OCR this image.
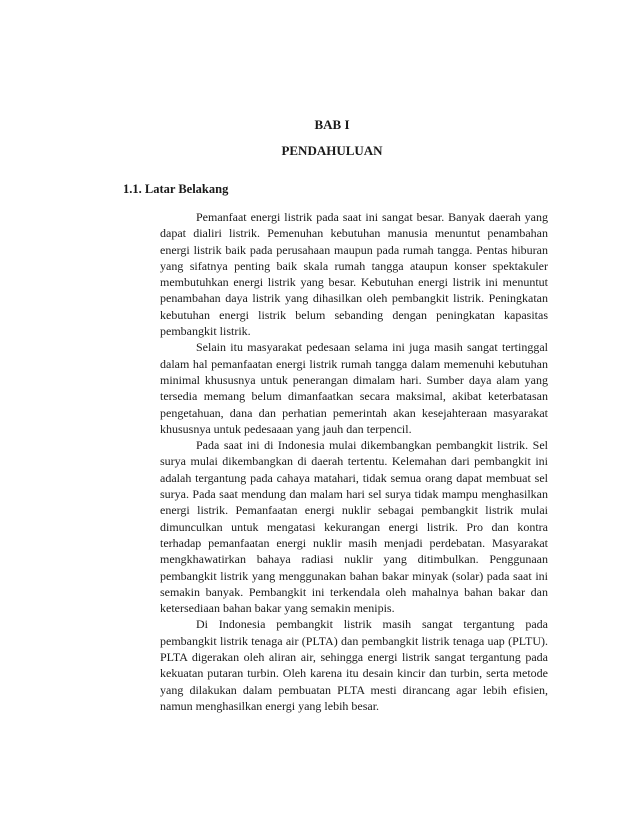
BAB I
PENDAHULUAN
1.1. Latar Belakang

Pemanfaat energi listrik pada saat ini sangat besar. Banyak daerah yang dapat dialiri listrik. Pemenuhan kebutuhan manusia menuntut penambahan energi listrik baik pada perusahaan maupun pada rumah tangga. Pentas hiburan yang sifatnya penting baik skala rumah tangga ataupun konser spektakuler membutuhkan energi listrik yang besar. Kebutuhan energi listrik ini menuntut penambahan daya listrik yang dihasilkan oleh pembangkit listrik. Peningkatan kebutuhan energi listrik belum sebanding dengan peningkatan kapasitas pembangkit listrik.

Selain itu masyarakat pedesaan selama ini juga masih sangat tertinggal dalam hal pemanfaatan energi listrik rumah tangga dalam memenuhi kebutuhan minimal khususnya untuk penerangan dimalam hari. Sumber daya alam yang tersedia memang belum dimanfaatkan secara maksimal, akibat keterbatasan pengetahuan, dana dan perhatian pemerintah akan kesejahteraan masyarakat khususnya untuk pedesaaan yang jauh dan terpencil.

Pada saat ini di Indonesia mulai dikembangkan pembangkit listrik. Sel surya mulai dikembangkan di daerah tertentu. Kelemahan dari pembangkit ini adalah tergantung pada cahaya matahari, tidak semua orang dapat membuat sel surya. Pada saat mendung dan malam hari sel surya tidak mampu menghasilkan energi listrik. Pemanfaatan energi nuklir sebagai pembangkit listrik mulai dimunculkan untuk mengatasi kekurangan energi listrik. Pro dan kontra terhadap pemanfaatan energi nuklir masih menjadi perdebatan. Masyarakat mengkhawatirkan bahaya radiasi nuklir yang ditimbulkan. Penggunaan pembangkit listrik yang menggunakan bahan bakar minyak (solar) pada saat ini semakin banyak. Pembangkit ini terkendala oleh mahalnya bahan bakar dan ketersediaan bahan bakar yang semakin menipis.

Di Indonesia pembangkit listrik masih sangat tergantung pada pembangkit listrik tenaga air (PLTA) dan pembangkit listrik tenaga uap (PLTU). PLTA digerakan oleh aliran air, sehingga energi listrik sangat tergantung pada kekuatan putaran turbin. Oleh karena itu desain kincir dan turbin, serta metode yang dilakukan dalam pembuatan PLTA mesti dirancang agar lebih efisien, namun menghasilkan energi yang lebih besar.
